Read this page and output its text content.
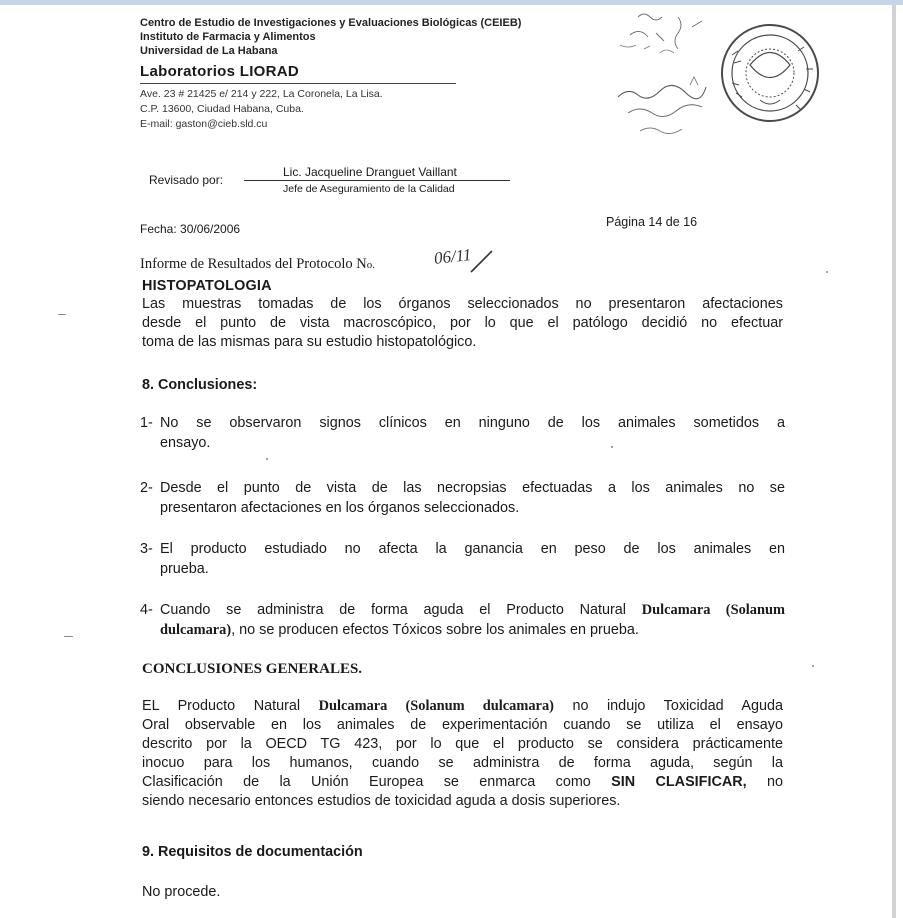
Centro de Estudio de Investigaciones y Evaluaciones Biológicas (CEIEB)
Instituto de Farmacia y Alimentos
Universidad de La Habana
Laboratorios LIORAD
Ave. 23 # 21425 e/ 214 y 222, La Coronela, La Lisa.
C.P. 13600, Ciudad Habana, Cuba.
E-mail: gaston@cieb.sld.cu
Revisado por:
Lic. Jacqueline Dranguet Vaillant
Jefe de Aseguramiento de la Calidad
Fecha: 30/06/2006	Página 14 de 16
Informe de Resultados del Protocolo No.	06/11
HISTOPATOLOGIA
Las muestras tomadas de los órganos seleccionados no presentaron afectaciones
desde el punto de vista macroscópico, por lo que el patólogo decidió no efectuar
toma de las mismas para su estudio histopatológico.
8. Conclusiones:
1- No se observaron signos clínicos en ninguno de los animales sometidos a
ensayo.
2- Desde el punto de vista de las necropsias efectuadas a los animales no se
presentaron afectaciones en los órganos seleccionados.
3- El producto estudiado no afecta la ganancia en peso de los animales en
prueba.
4- Cuando se administra de forma aguda el Producto Natural Dulcamara (Solanum
dulcamara), no se producen efectos Tóxicos sobre los animales en prueba.
CONCLUSIONES GENERALES.
EL Producto Natural Dulcamara (Solanum dulcamara) no indujo Toxicidad Aguda
Oral observable en los animales de experimentación cuando se utiliza el ensayo
descrito por la OECD TG 423, por lo que el producto se considera prácticamente
inocuo para los humanos, cuando se administra de forma aguda, según la
Clasificación de la Unión Europea se enmarca como SIN CLASIFICAR, no
siendo necesario entonces estudios de toxicidad aguda a dosis superiores.
9. Requisitos de documentación
No procede.
